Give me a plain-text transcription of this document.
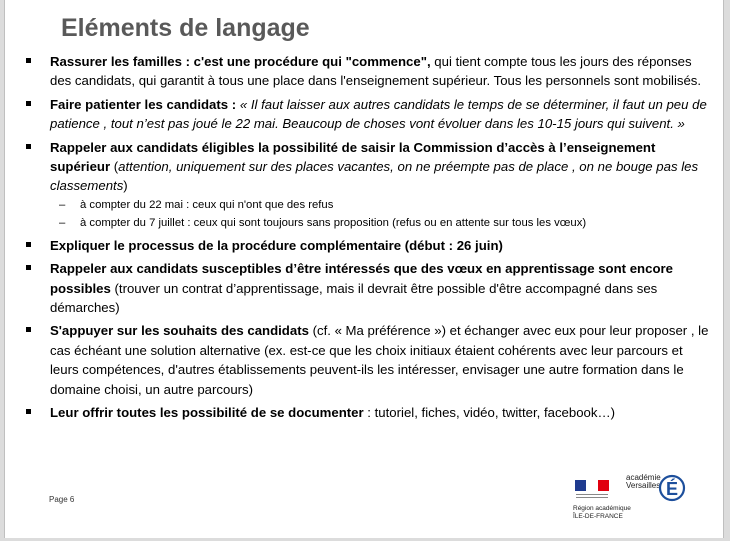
Eléments de langage
Rassurer les familles : c'est une procédure qui "commence", qui tient compte tous les jours des réponses des candidats, qui garantit à tous une place dans l'enseignement supérieur. Tous les personnels sont mobilisés.
Faire patienter les candidats : « Il faut laisser aux autres candidats le temps de se déterminer, il faut un peu de patience , tout n’est pas joué le 22 mai. Beaucoup de choses vont évoluer dans les 10-15 jours qui suivent. »
Rappeler aux candidats éligibles la possibilité de saisir la Commission d’accès à l’enseignement supérieur (attention, uniquement sur des places vacantes, on ne préempte pas de place , on ne bouge pas les classements)
– à compter du 22 mai : ceux qui n'ont que des refus
– à compter du 7 juillet : ceux qui sont toujours sans proposition (refus ou en attente sur tous les vœux)
Expliquer le processus de la procédure complémentaire (début : 26 juin)
Rappeler aux candidats susceptibles d’être intéressés que des vœux en apprentissage sont encore possibles (trouver un contrat d’apprentissage, mais il devrait être possible d'être accompagné dans ses démarches)
S'appuyer sur les souhaits des candidats (cf. « Ma préférence ») et échanger avec eux pour leur proposer , le cas échéant une solution alternative (ex. est-ce que les choix initiaux étaient cohérents avec leur parcours et leurs compétences, d'autres établissements peuvent-ils les intéresser, envisager une autre formation dans le domaine choisi, un autre parcours)
Leur offrir toutes les possibilité de se documenter : tutoriel, fiches, vidéo, twitter, facebook…)
Page 6
académie
Versailles É
Région académique
ÎLE-DE-FRANCE
